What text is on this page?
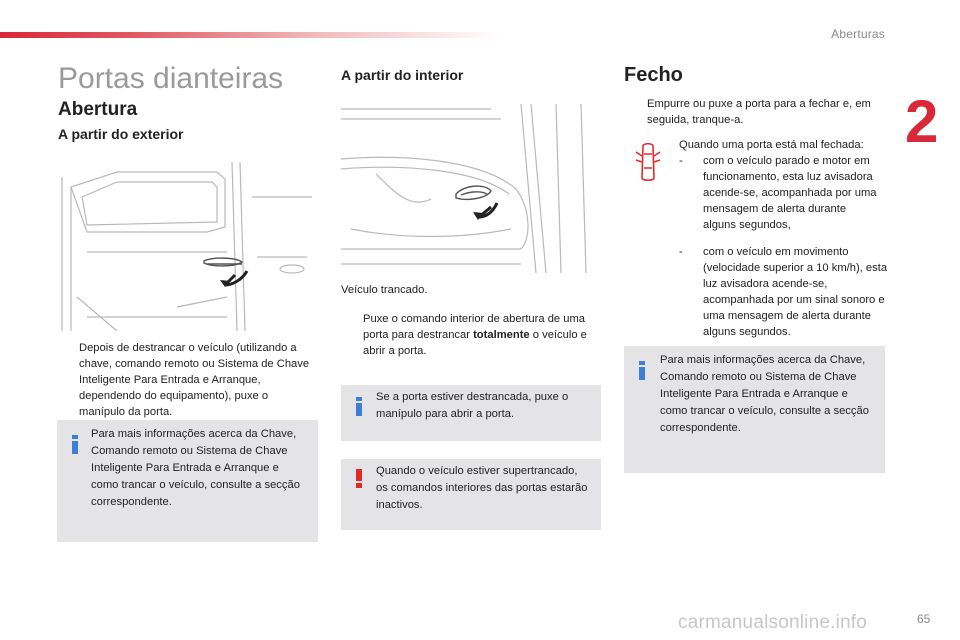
Aberturas
2
Portas dianteiras
Abertura
A partir do exterior
Depois de destrancar o veículo (utilizando a chave, comando remoto ou Sistema de Chave Inteligente Para Entrada e Arranque, dependendo do equipamento), puxe o manípulo da porta.
Para mais informações acerca da Chave, Comando remoto ou Sistema de Chave Inteligente Para Entrada e Arranque e como trancar o veículo, consulte a secção correspondente.
A partir do interior
Veículo trancado.
Puxe o comando interior de abertura de uma porta para destrancar totalmente o veículo e abrir a porta.
Se a porta estiver destrancada, puxe o manípulo para abrir a porta.
Quando o veículo estiver supertrancado, os comandos interiores das portas estarão inactivos.
Fecho
Empurre ou puxe a porta para a fechar e, em seguida, tranque-a.
Quando uma porta está mal fechada:
- com o veículo parado e motor em funcionamento, esta luz avisadora acende-se, acompanhada por uma mensagem de alerta durante alguns segundos,
- com o veículo em movimento (velocidade superior a 10 km/h), esta luz avisadora acende-se, acompanhada por um sinal sonoro e uma mensagem de alerta durante alguns segundos.
Para mais informações acerca da Chave, Comando remoto ou Sistema de Chave Inteligente Para Entrada e Arranque e como trancar o veículo, consulte a secção correspondente.
carmanualsonline.info	65
